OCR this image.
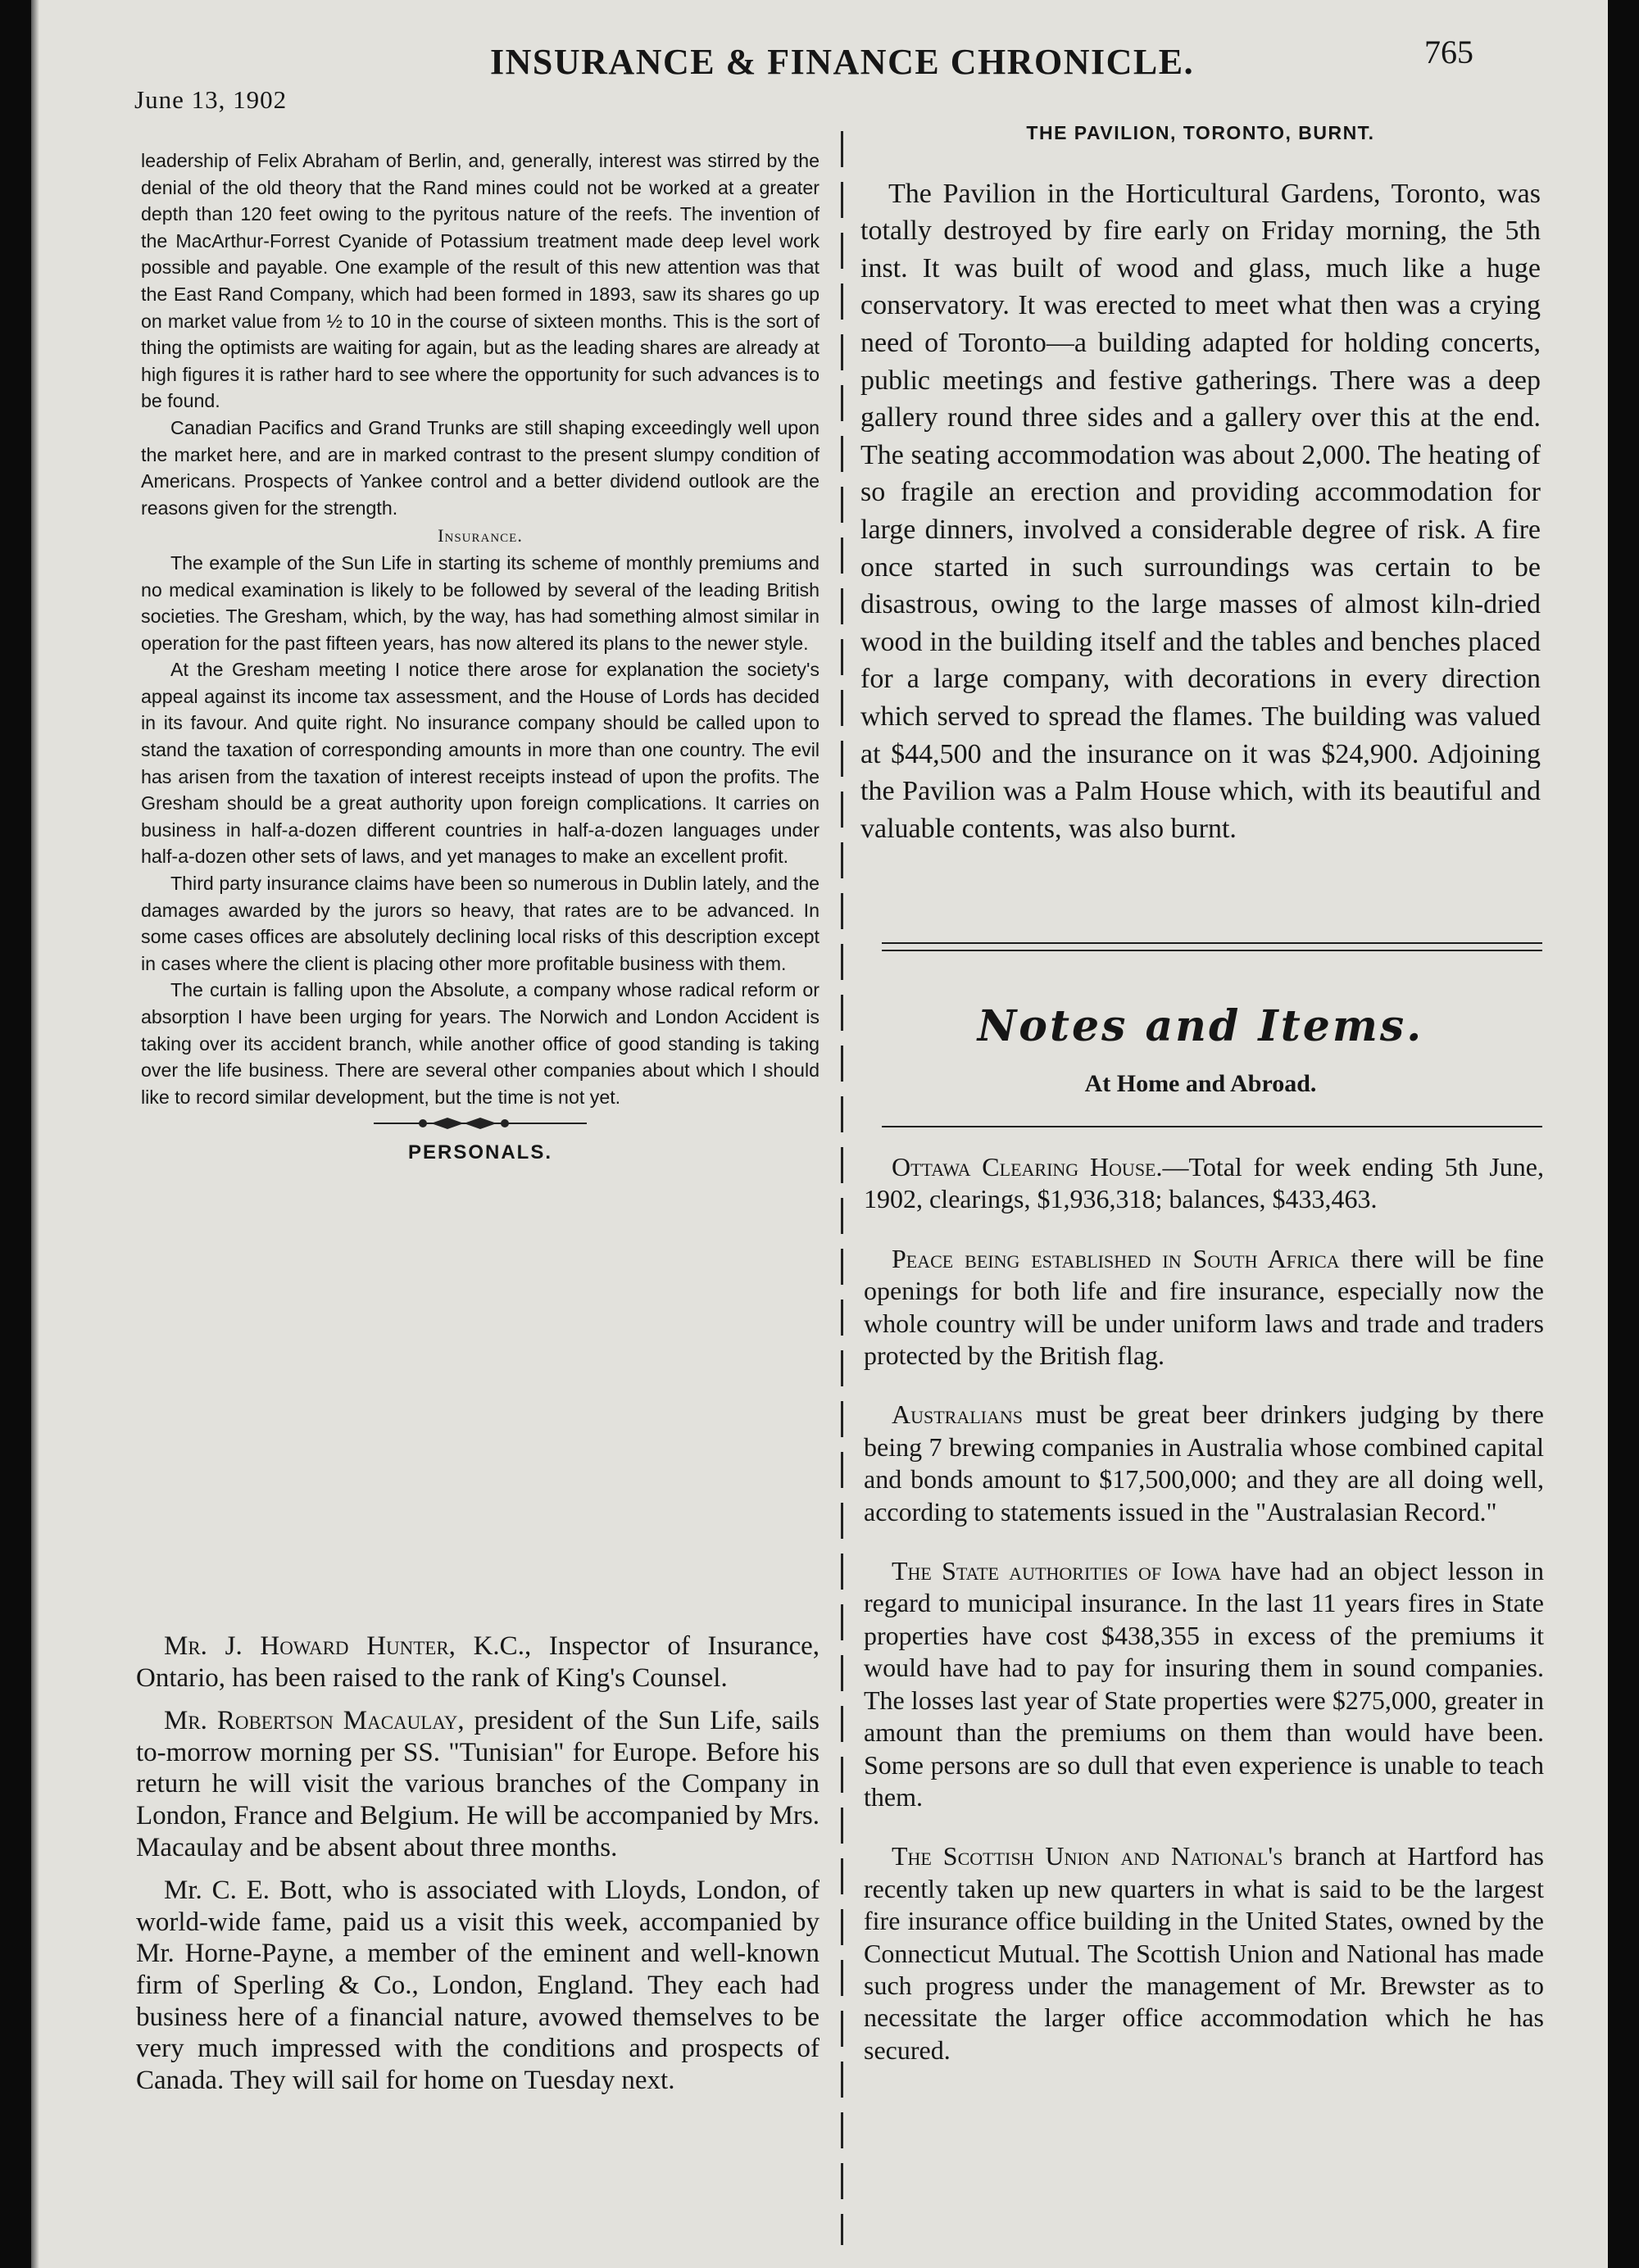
June 13, 1902
INSURANCE & FINANCE CHRONICLE.	765

leadership of Felix Abraham of Berlin, and, generally, interest was stirred by the denial of the old theory that the Rand mines could not be worked at a greater depth than 120 feet owing to the pyritous nature of the reefs. The invention of the MacArthur-Forrest Cyanide of Potassium treatment made deep level work possible and payable. One example of the result of this new attention was that the East Rand Company, which had been formed in 1893, saw its shares go up on market value from ½ to 10 in the course of sixteen months. This is the sort of thing the optimists are waiting for again, but as the leading shares are already at high figures it is rather hard to see where the opportunity for such advances is to be found.

Canadian Pacifics and Grand Trunks are still shaping exceedingly well upon the market here, and are in marked contrast to the present slumpy condition of Americans. Prospects of Yankee control and a better dividend outlook are the reasons given for the strength.

Insurance.

The example of the Sun Life in starting its scheme of monthly premiums and no medical examination is likely to be followed by several of the leading British societies. The Gresham, which, by the way, has had something almost similar in operation for the past fifteen years, has now altered its plans to the newer style.

At the Gresham meeting I notice there arose for explanation the society's appeal against its income tax assessment, and the House of Lords has decided in its favour. And quite right. No insurance company should be called upon to stand the taxation of corresponding amounts in more than one country. The evil has arisen from the taxation of interest receipts instead of upon the profits. The Gresham should be a great authority upon foreign complications. It carries on business in half-a-dozen different countries in half-a-dozen languages under half-a-dozen other sets of laws, and yet manages to make an excellent profit.

Third party insurance claims have been so numerous in Dublin lately, and the damages awarded by the jurors so heavy, that rates are to be advanced. In some cases offices are absolutely declining local risks of this description except in cases where the client is placing other more profitable business with them.

The curtain is falling upon the Absolute, a company whose radical reform or absorption I have been urging for years. The Norwich and London Accident is taking over its accident branch, while another office of good standing is taking over the life business. There are several other companies about which I should like to record similar development, but the time is not yet.

PERSONALS.

Mr. J. Howard Hunter, K.C., Inspector of Insurance, Ontario, has been raised to the rank of King's Counsel.

Mr. Robertson Macaulay, president of the Sun Life, sails to-morrow morning per SS. "Tunisian" for Europe. Before his return he will visit the various branches of the Company in London, France and Belgium. He will be accompanied by Mrs. Macaulay and be absent about three months.

Mr. C. E. Bott, who is associated with Lloyds, London, of world-wide fame, paid us a visit this week, accompanied by Mr. Horne-Payne, a member of the eminent and well-known firm of Sperling & Co., London, England. They each had business here of a financial nature, avowed themselves to be very much impressed with the conditions and prospects of Canada. They will sail for home on Tuesday next.

THE PAVILION, TORONTO, BURNT.

The Pavilion in the Horticultural Gardens, Toronto, was totally destroyed by fire early on Friday morning, the 5th inst. It was built of wood and glass, much like a huge conservatory. It was erected to meet what then was a crying need of Toronto—a building adapted for holding concerts, public meetings and festive gatherings. There was a deep gallery round three sides and a gallery over this at the end. The seating accommodation was about 2,000. The heating of so fragile an erection and providing accommodation for large dinners, involved a considerable degree of risk. A fire once started in such surroundings was certain to be disastrous, owing to the large masses of almost kiln-dried wood in the building itself and the tables and benches placed for a large company, with decorations in every direction which served to spread the flames. The building was valued at $44,500 and the insurance on it was $24,900. Adjoining the Pavilion was a Palm House which, with its beautiful and valuable contents, was also burnt.

Notes and Items.
At Home and Abroad.

Ottawa Clearing House.—Total for week ending 5th June, 1902, clearings, $1,936,318; balances, $433,463.

Peace being established in South Africa there will be fine openings for both life and fire insurance, especially now the whole country will be under uniform laws and trade and traders protected by the British flag.

Australians must be great beer drinkers judging by there being 7 brewing companies in Australia whose combined capital and bonds amount to $17,500,000; and they are all doing well, according to statements issued in the "Australasian Record."

The State authorities of Iowa have had an object lesson in regard to municipal insurance. In the last 11 years fires in State properties have cost $438,355 in excess of the premiums it would have had to pay for insuring them in sound companies. The losses last year of State properties were $275,000, greater in amount than the premiums on them than would have been. Some persons are so dull that even experience is unable to teach them.

The Scottish Union and National's branch at Hartford has recently taken up new quarters in what is said to be the largest fire insurance office building in the United States, owned by the Connecticut Mutual. The Scottish Union and National has made such progress under the management of Mr. Brewster as to necessitate the larger office accommodation which he has secured.
